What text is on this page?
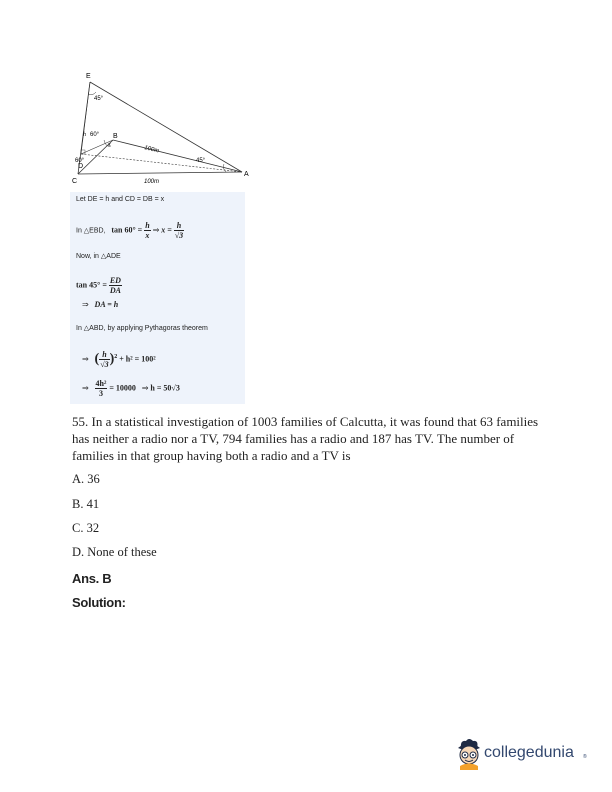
E
45°
h 60° B
x
100m
45°
A
60°
D
C	100m
Let DE = h and CD = DB = x
In △EBD, $\tan 60^\circ = \frac{h}{x}$ ⇒ $x = \frac{h}{√3}$
Now, in △ADE
$\tan 45^\circ = \frac{ED}{DA}$
⇒ DA = h
In △ABD, by applying Pythagoras theorem
⇒ ( $\frac{h}{√3} )^2 + h^2 = 100^2$
⇒ $\frac{\text{4h²}}{3} = 10000$ ⇒ h = 50√3
55. In a statistical investigation of 1003 families of Calcutta, it was found that 63 families has neither a radio nor a TV, 794 families has a radio and 187 has TV. The number of families in that group having both a radio and a TV is
A. 36
B. 41
C. 32
D. None of these
Ans. B
Solution:
collegedunia ®
